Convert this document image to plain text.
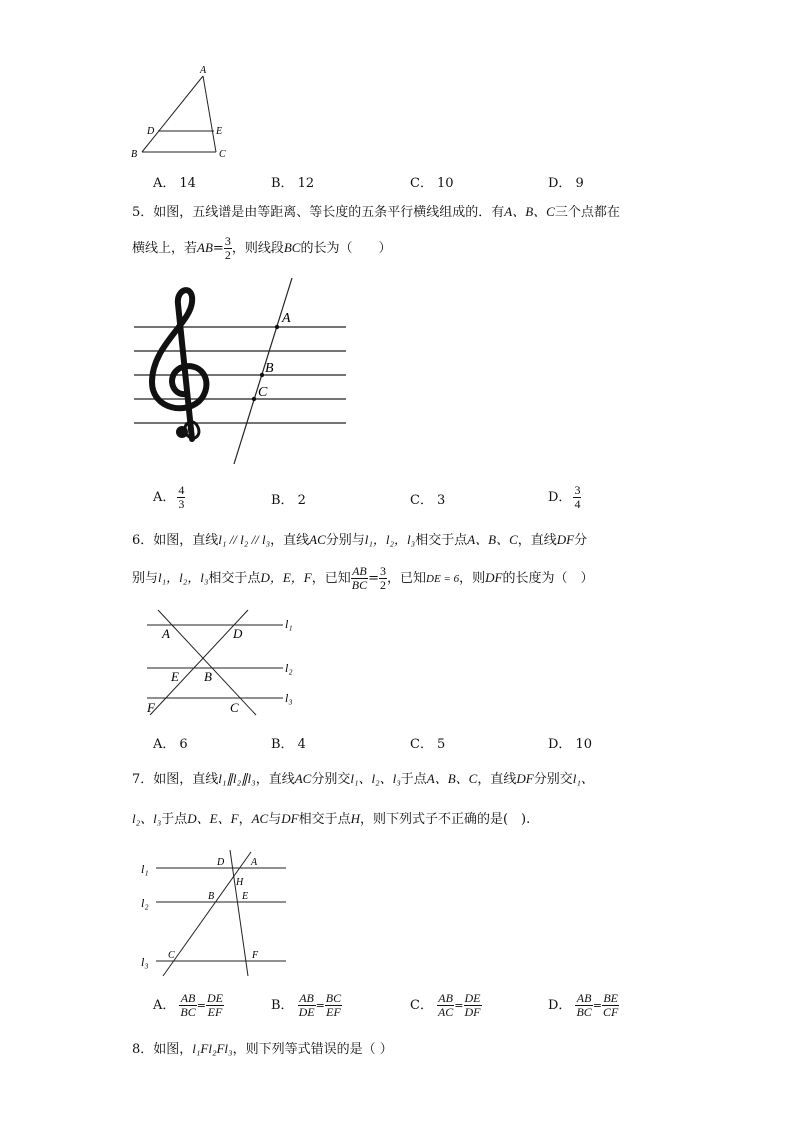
A
D	E
B	C
A． 14	B． 12	C． 10	D． 9
5．如图，五线谱是由等距离、等长度的五条平行横线组成的．有A、B、C三个点都在
横线上，若$AB= \frac{3}{2}$ ，则线段BC的长为（　　）
A
B
C
A． $\frac{4}{3}$	B． 2	C． 3	D． $\frac{3}{4}$
6．如图，直线l₁ // l₂ // l₃，直线AC分别与l₁，l₂，l₃相交于点A、B、C，直线DF分
别与l₁，l₂，l₃相交于点D，E，F，已知 $\frac{AB}{BC} = \frac{3}{2}$ ，已知DE = 6，则DF的长度为（　）
A	D
E B
F	C
l₁
l₂
l₃
A． 6	B． 4	C． 5	D． 10
7．如图，直线l₁∥l₂∥l₃，直线AC分别交l₁、l₂、l₃于点A、B、C，直线DF分别交l₁、
l₂、l₃于点D、E、F，AC与DF相交于点H，则下列式子不正确的是(　).
D	A
H
B	E
C	F
l₁
l₂
l₃
A． $\frac{AB}{BC} = \frac{DE}{EF}$	B． $\frac{AB}{DE} = \frac{BC}{EF}$	C． $\frac{AB}{AC} = \frac{DE}{DF}$	D． $\frac{AB}{BC} = \frac{BE}{CF}$
8．如图，l₁Fl₂Fl₃，则下列等式错误的是（ ）
